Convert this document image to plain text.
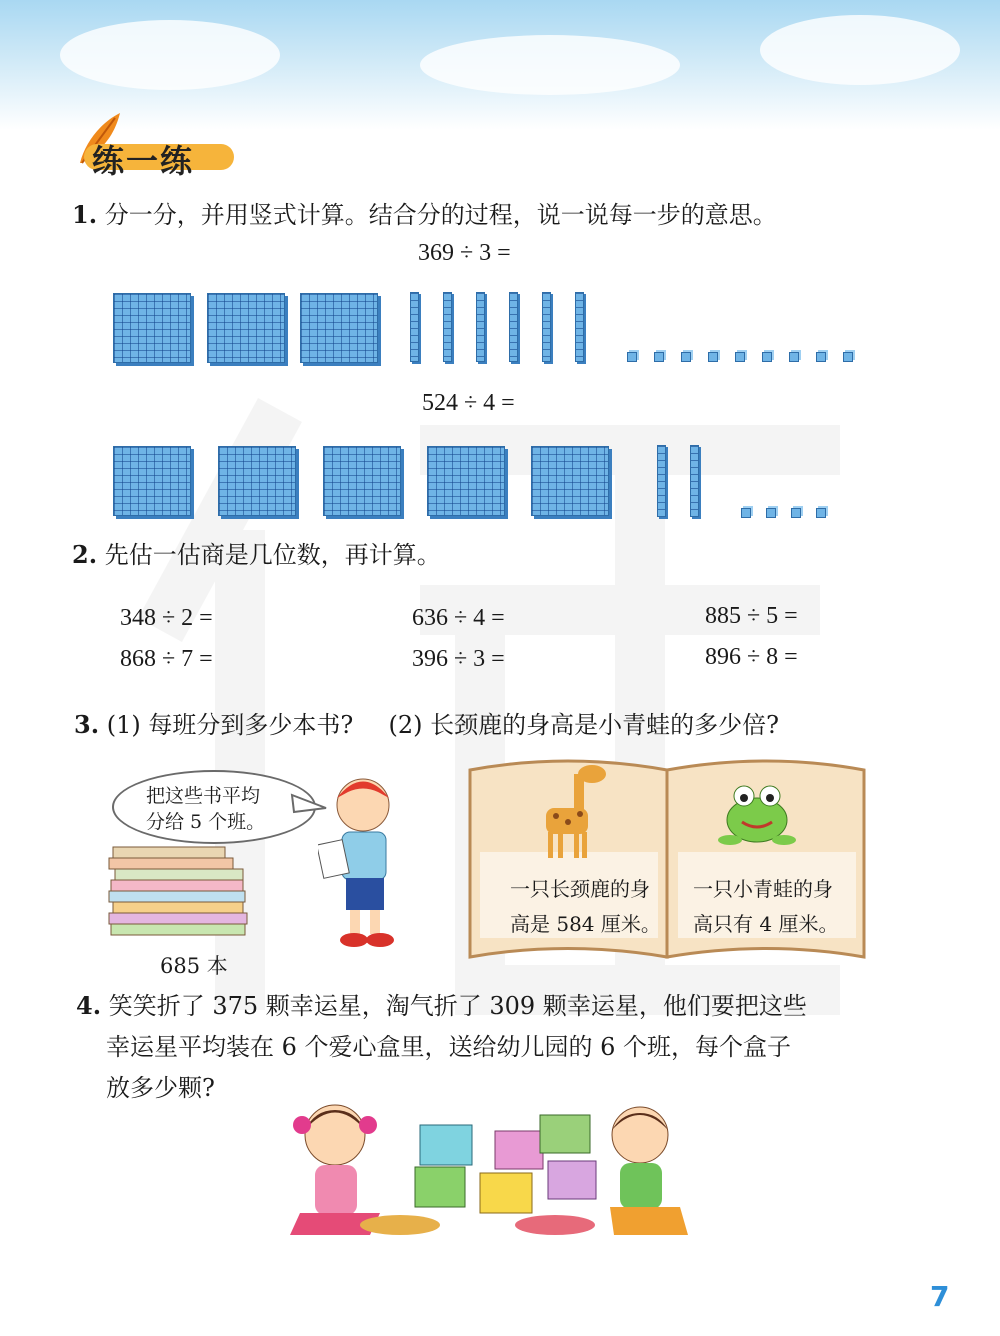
练一练
1. 分一分，并用竖式计算。结合分的过程，说一说每一步的意思。
369 ÷ 3 =
524 ÷ 4 =
2. 先估一估商是几位数，再计算。
348 ÷ 2 =	636 ÷ 4 =	885 ÷ 5 =
868 ÷ 7 =	396 ÷ 3 =	896 ÷ 8 =
3. (1) 每班分到多少本书? (2) 长颈鹿的身高是小青蛙的多少倍?
把这些书平均
分给 5 个班。
685 本
一只长颈鹿的身
高是 584 厘米。
一只小青蛙的身
高只有 4 厘米。
4. 笑笑折了 375 颗幸运星，淘气折了 309 颗幸运星，他们要把这些
幸运星平均装在 6 个爱心盒里，送给幼儿园的 6 个班，每个盒子
放多少颗?
7
